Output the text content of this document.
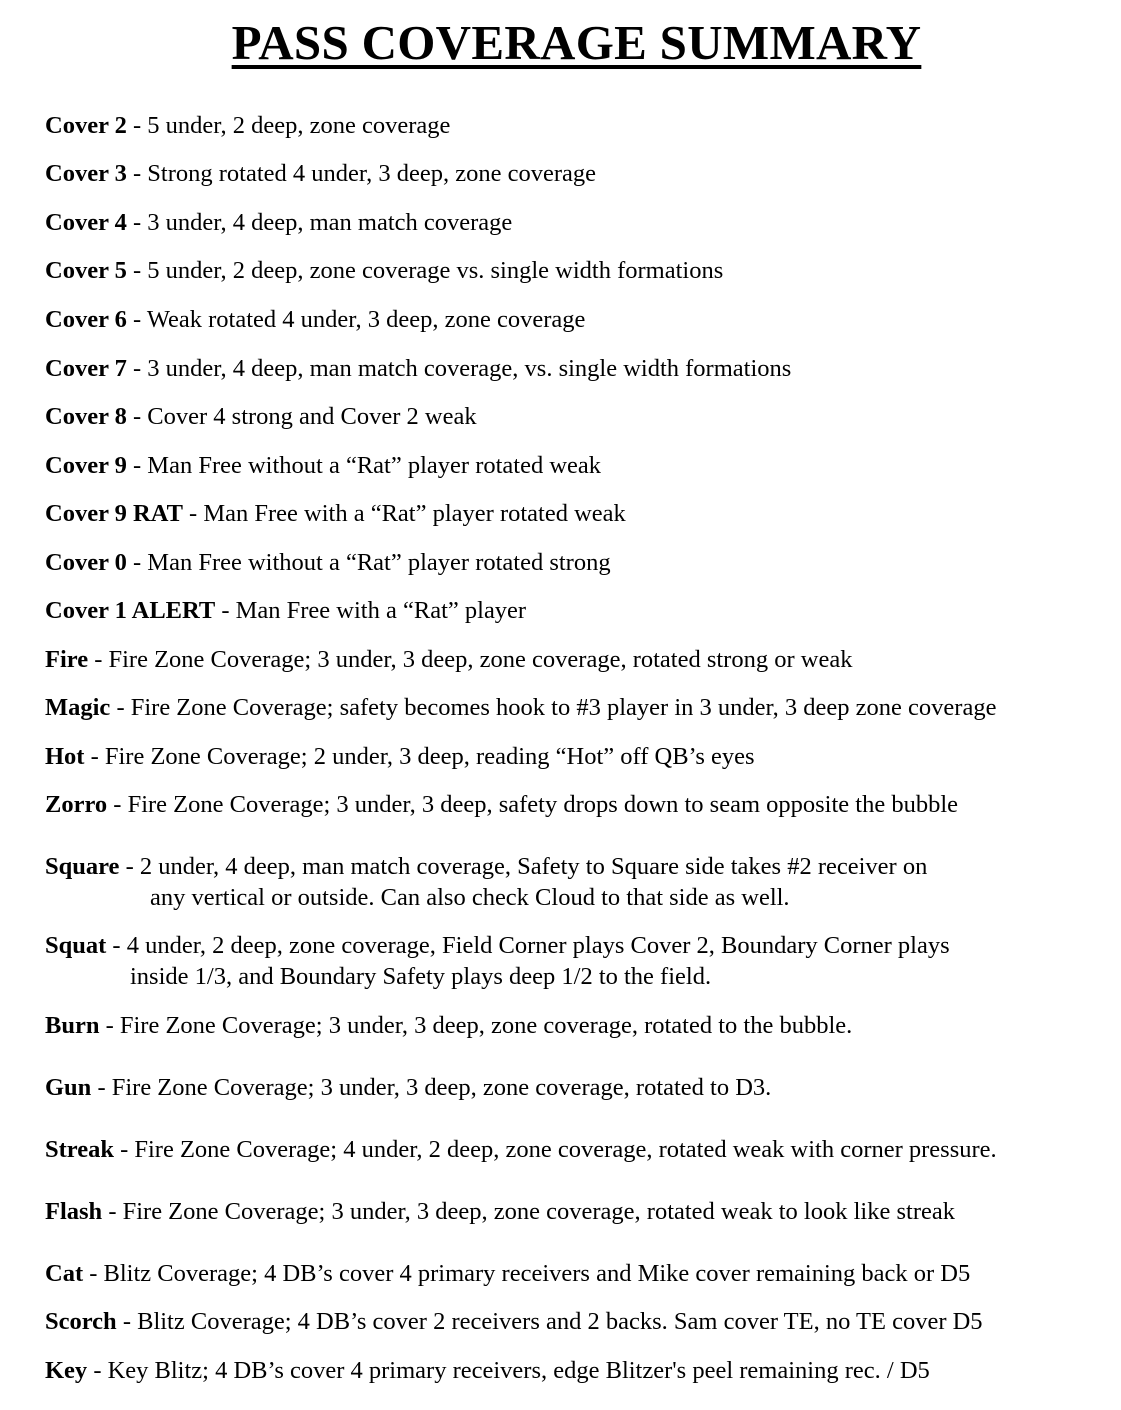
PASS COVERAGE SUMMARY
Cover 2 - 5 under, 2 deep, zone coverage
Cover 3 - Strong rotated 4 under, 3 deep, zone coverage
Cover 4 - 3 under, 4 deep, man match coverage
Cover 5 - 5 under, 2 deep, zone coverage vs. single width formations
Cover 6 - Weak rotated 4 under, 3 deep, zone coverage
Cover 7 - 3 under, 4 deep, man match coverage, vs. single width formations
Cover 8 - Cover 4 strong and Cover 2 weak
Cover 9 - Man Free without a “Rat” player rotated weak
Cover 9 RAT - Man Free with a “Rat” player rotated weak
Cover 0 - Man Free without a “Rat” player rotated strong
Cover 1 ALERT - Man Free with a “Rat” player
Fire - Fire Zone Coverage; 3 under, 3 deep, zone coverage, rotated strong or weak
Magic - Fire Zone Coverage; safety becomes hook to #3 player in 3 under, 3 deep zone coverage
Hot - Fire Zone Coverage; 2 under, 3 deep, reading “Hot” off QB’s eyes
Zorro - Fire Zone Coverage; 3 under, 3 deep, safety drops down to seam opposite the bubble
Square - 2 under, 4 deep, man match coverage, Safety to Square side takes #2 receiver on
any vertical or outside. Can also check Cloud to that side as well.
Squat - 4 under, 2 deep, zone coverage, Field Corner plays Cover 2, Boundary Corner plays
inside 1/3, and Boundary Safety plays deep 1/2 to the field.
Burn - Fire Zone Coverage; 3 under, 3 deep, zone coverage, rotated to the bubble.
Gun - Fire Zone Coverage; 3 under, 3 deep, zone coverage, rotated to D3.
Streak - Fire Zone Coverage; 4 under, 2 deep, zone coverage, rotated weak with corner pressure.
Flash - Fire Zone Coverage; 3 under, 3 deep, zone coverage, rotated weak to look like streak
Cat - Blitz Coverage; 4 DB’s cover 4 primary receivers and Mike cover remaining back or D5
Scorch - Blitz Coverage; 4 DB’s cover 2 receivers and 2 backs. Sam cover TE, no TE cover D5
Key - Key Blitz; 4 DB’s cover 4 primary receivers, edge Blitzer's peel remaining rec. / D5
